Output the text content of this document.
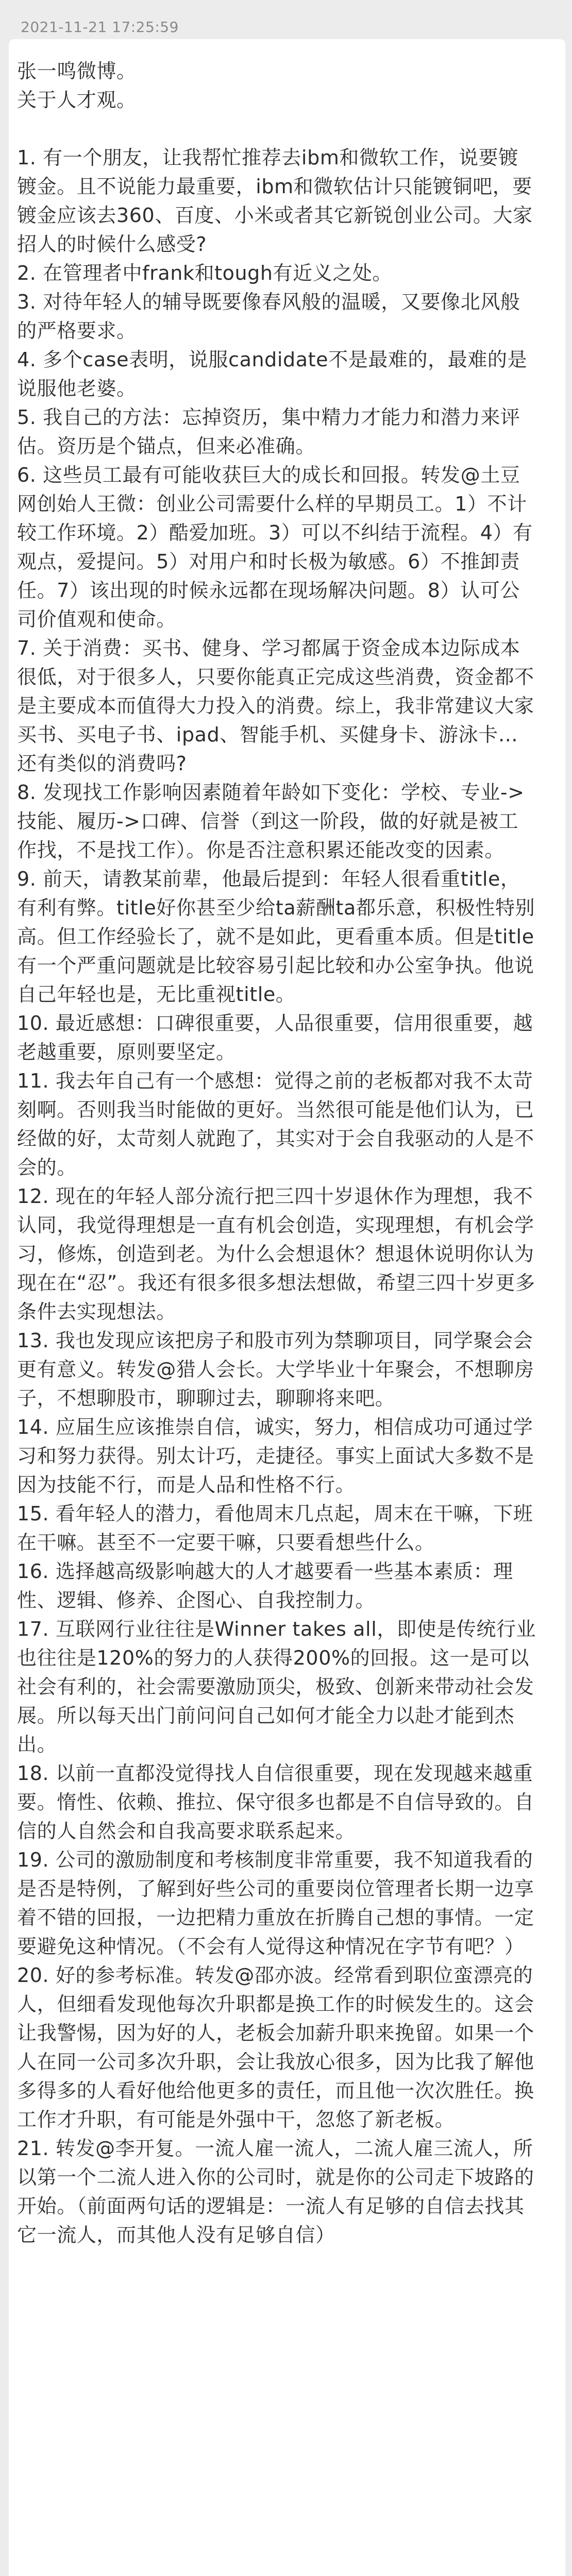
2021-11-21 17:25:59

张一鸣微博。

关于人才观。

1. 有一个朋友，让我帮忙推荐去ibm和微软工作，说要镀镀金。且不说能力最重要，ibm和微软估计只能镀铜吧，要镀金应该去360、百度、小米或者其它新锐创业公司。大家招人的时候什么感受?

2. 在管理者中frank和tough有近义之处。

3. 对待年轻人的辅导既要像春风般的温暖，又要像北风般的严格要求。

4. 多个case表明，说服candidate不是最难的，最难的是说服他老婆。

5. 我自己的方法：忘掉资历，集中精力才能力和潜力来评估。资历是个锚点，但来必准确。

6. 这些员工最有可能收获巨大的成长和回报。转发@土豆网创始人王微：创业公司需要什么样的早期员工。1）不计较工作环境。2）酷爱加班。3）可以不纠结于流程。4）有观点，爱提问。5）对用户和时长极为敏感。6）不推卸责任。7）该出现的时候永远都在现场解决问题。8）认可公司价值观和使命。

7. 关于消费：买书、健身、学习都属于资金成本边际成本很低，对于很多人，只要你能真正完成这些消费，资金都不是主要成本而值得大力投入的消费。综上，我非常建议大家买书、买电子书、ipad、智能手机、买健身卡、游泳卡…还有类似的消费吗?

8. 发现找工作影响因素随着年龄如下变化：学校、专业->技能、履历->口碑、信誉（到这一阶段，做的好就是被工作找，不是找工作）。你是否注意积累还能改变的因素。

9. 前天，请教某前辈，他最后提到：年轻人很看重title，有利有弊。title好你甚至少给ta薪酬ta都乐意，积极性特别高。但工作经验长了，就不是如此，更看重本质。但是title有一个严重问题就是比较容易引起比较和办公室争执。他说自己年轻也是，无比重视title。

10. 最近感想：口碑很重要，人品很重要，信用很重要，越老越重要，原则要坚定。

11. 我去年自己有一个感想：觉得之前的老板都对我不太苛刻啊。否则我当时能做的更好。当然很可能是他们认为，已经做的好，太苛刻人就跑了，其实对于会自我驱动的人是不会的。

12. 现在的年轻人部分流行把三四十岁退休作为理想，我不认同，我觉得理想是一直有机会创造，实现理想，有机会学习，修炼，创造到老。为什么会想退休？想退休说明你认为现在在“忍”。我还有很多很多想法想做，希望三四十岁更多条件去实现想法。

13. 我也发现应该把房子和股市列为禁聊项目，同学聚会会更有意义。转发@猎人会长。大学毕业十年聚会，不想聊房子，不想聊股市，聊聊过去，聊聊将来吧。

14. 应届生应该推崇自信，诚实，努力，相信成功可通过学习和努力获得。别太计巧，走捷径。事实上面试大多数不是因为技能不行，而是人品和性格不行。

15. 看年轻人的潜力，看他周末几点起，周末在干嘛，下班在干嘛。甚至不一定要干嘛，只要看想些什么。

16. 选择越高级影响越大的人才越要看一些基本素质：理性、逻辑、修养、企图心、自我控制力。

17. 互联网行业往往是Winner takes all，即使是传统行业也往往是120%的努力的人获得200%的回报。这一是可以社会有利的，社会需要激励顶尖，极致、创新来带动社会发展。所以每天出门前问问自己如何才能全力以赴才能到杰出。

18. 以前一直都没觉得找人自信很重要，现在发现越来越重要。惰性、依赖、推拉、保守很多也都是不自信导致的。自信的人自然会和自我高要求联系起来。

19. 公司的激励制度和考核制度非常重要，我不知道我看的是否是特例，了解到好些公司的重要岗位管理者长期一边享着不错的回报，一边把精力重放在折腾自己想的事情。一定要避免这种情况。（不会有人觉得这种情况在字节有吧？）

20. 好的参考标准。转发@邵亦波。经常看到职位蛮漂亮的人，但细看发现他每次升职都是换工作的时候发生的。这会让我警惕，因为好的人，老板会加薪升职来挽留。如果一个人在同一公司多次升职，会让我放心很多，因为比我了解他多得多的人看好他给他更多的责任，而且他一次次胜任。换工作才升职，有可能是外强中干，忽悠了新老板。

21. 转发@李开复。一流人雇一流人，二流人雇三流人，所以第一个二流人进入你的公司时，就是你的公司走下坡路的开始。（前面两句话的逻辑是：一流人有足够的自信去找其它一流人，而其他人没有足够自信）
